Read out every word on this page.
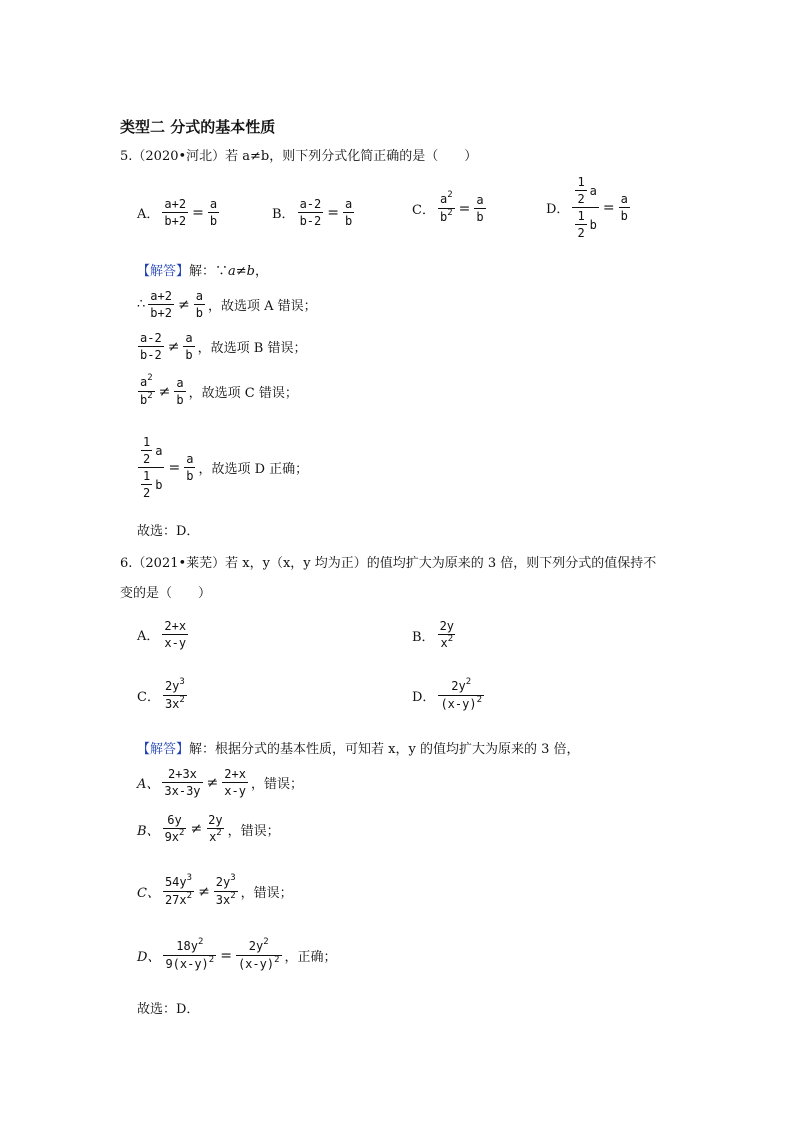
类型二 分式的基本性质
5.（2020•河北）若 a≠b，则下列分式化简正确的是（　　）
A． $\frac{a+2}{b+2} = \frac{a}{b}$	B． $\frac{a-2}{b-2} = \frac{a}{b}$	C． $\frac{a^2}{b^2} = \frac{a}{b}$	D． $\frac{\frac{1}{2} a}{\frac{1}{2} b} = \frac{a}{b}$
【解答】解：∵a≠b，
∴ $\frac{a+2}{b+2} \ne \frac{a}{b}$ ，故选项 A 错误；
$\frac{a-2}{b-2} \ne \frac{a}{b}$ ，故选项 B 错误；
$\frac{a^2}{b^2} \ne \frac{a}{b}$ ，故选项 C 错误；
$\frac{\frac{1}{2} a}{\frac{1}{2} b} = \frac{a}{b}$ ，故选项 D 正确；
故选：D．
6.（2021•莱芜）若 x，y（x，y 均为正）的值均扩大为原来的 3 倍，则下列分式的值保持不
变的是（　　）
A． $\frac{2+x}{x-y}$	B． $\frac{2y}{x^2}$
C． $\frac{2y^3}{3x^2}$	D． $\frac{2y^2}{(x-y)^2}$
【解答】解：根据分式的基本性质，可知若 x，y 的值均扩大为原来的 3 倍，
A、 $\frac{2+3x}{3x-3y} \ne \frac{2+x}{x-y}$ ，错误；
B、 $\frac{6y}{9x^2} \ne \frac{2y}{x^2}$ ，错误；
C、 $\frac{54y^3}{27x^2} \ne \frac{2y^3}{3x^2}$ ，错误；
D、 $\frac{18y^2}{9(x-y)^2} = \frac{2y^2}{(x-y)^2}$ ，正确；
故选：D．
